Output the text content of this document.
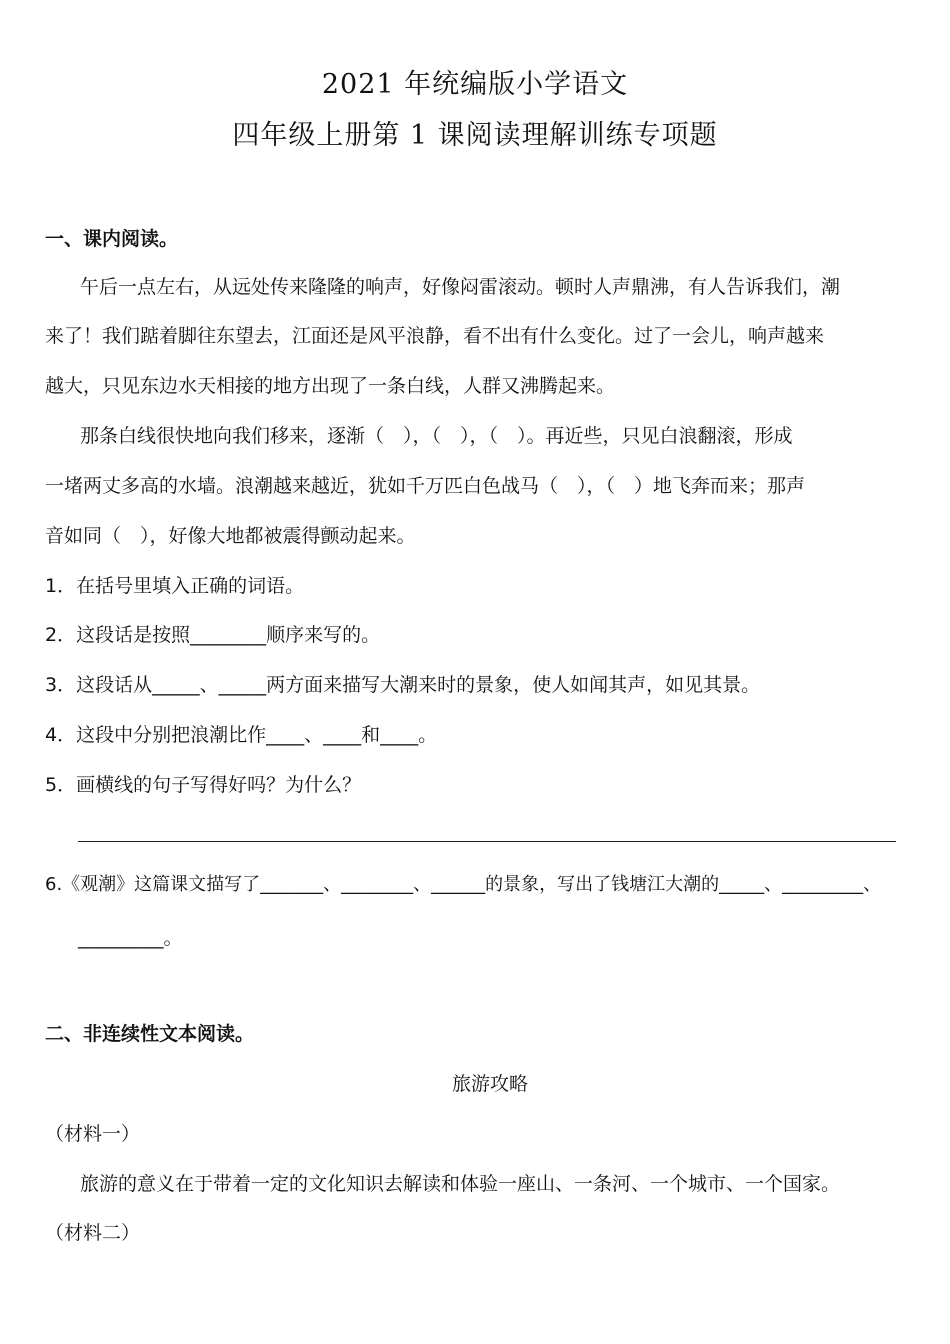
2021 年统编版小学语文
四年级上册第 1 课阅读理解训练专项题
一、课内阅读。
午后一点左右，从远处传来隆隆的响声，好像闷雷滚动。顿时人声鼎沸，有人告诉我们，潮
来了！我们踮着脚往东望去，江面还是风平浪静，看不出有什么变化。过了一会儿，响声越来
越大，只见东边水天相接的地方出现了一条白线，人群又沸腾起来。
那条白线很快地向我们移来，逐渐（　），（　），（　）。再近些，只见白浪翻滚，形成
一堵两丈多高的水墙。浪潮越来越近，犹如千万匹白色战马（　），（　）地飞奔而来；那声
音如同（　），好像大地都被震得颤动起来。
1．在括号里填入正确的词语。
2．这段话是按照________顺序来写的。
3．这段话从_____、_____两方面来描写大潮来时的景象，使人如闻其声，如见其景。
4．这段中分别把浪潮比作____、____和____。
5．画横线的句子写得好吗？为什么？
6.《观潮》这篇课文描写了_______、________、______的景象，写出了钱塘江大潮的_____、_________、
_________。
二、非连续性文本阅读。
旅游攻略
（材料一）
旅游的意义在于带着一定的文化知识去解读和体验一座山、一条河、一个城市、一个国家。
（材料二）
